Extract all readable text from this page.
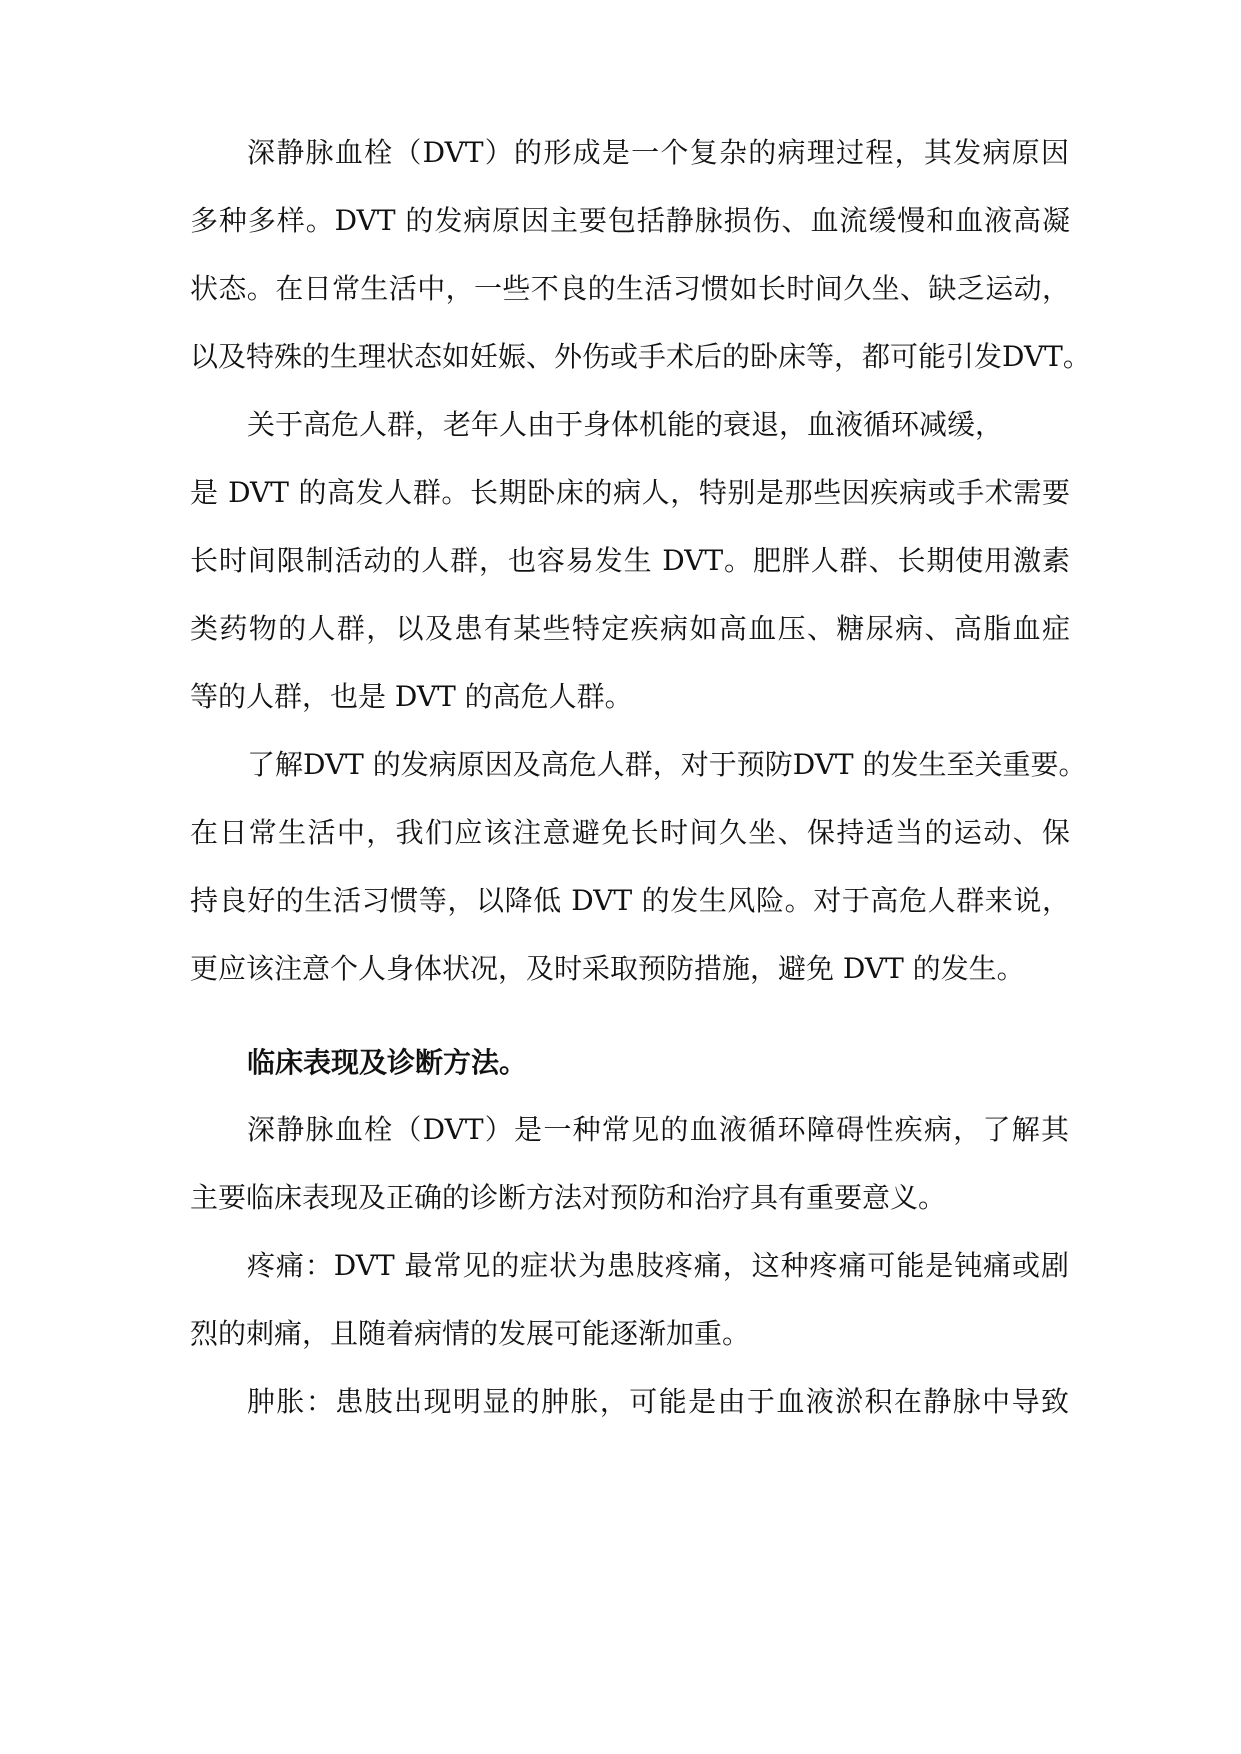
深静脉血栓（DVT）的形成是一个复杂的病理过程，其发病原因
多种多样。DVT 的发病原因主要包括静脉损伤、血流缓慢和血液高凝
状态。在日常生活中，一些不良的生活习惯如长时间久坐、缺乏运动，
以及特殊的生理状态如妊娠、外伤或手术后的卧床等，都可能引发DVT。
关于高危人群，老年人由于身体机能的衰退，血液循环减缓，
是 DVT 的高发人群。长期卧床的病人，特别是那些因疾病或手术需要
长时间限制活动的人群，也容易发生 DVT。肥胖人群、长期使用激素
类药物的人群，以及患有某些特定疾病如高血压、糖尿病、高脂血症
等的人群，也是 DVT 的高危人群。
了解DVT 的发病原因及高危人群，对于预防DVT 的发生至关重要。
在日常生活中，我们应该注意避免长时间久坐、保持适当的运动、保
持良好的生活习惯等，以降低 DVT 的发生风险。对于高危人群来说，
更应该注意个人身体状况，及时采取预防措施，避免 DVT 的发生。
临床表现及诊断方法。
深静脉血栓（DVT）是一种常见的血液循环障碍性疾病，了解其
主要临床表现及正确的诊断方法对预防和治疗具有重要意义。
疼痛：DVT 最常见的症状为患肢疼痛，这种疼痛可能是钝痛或剧
烈的刺痛，且随着病情的发展可能逐渐加重。
肿胀：患肢出现明显的肿胀，可能是由于血液淤积在静脉中导致
